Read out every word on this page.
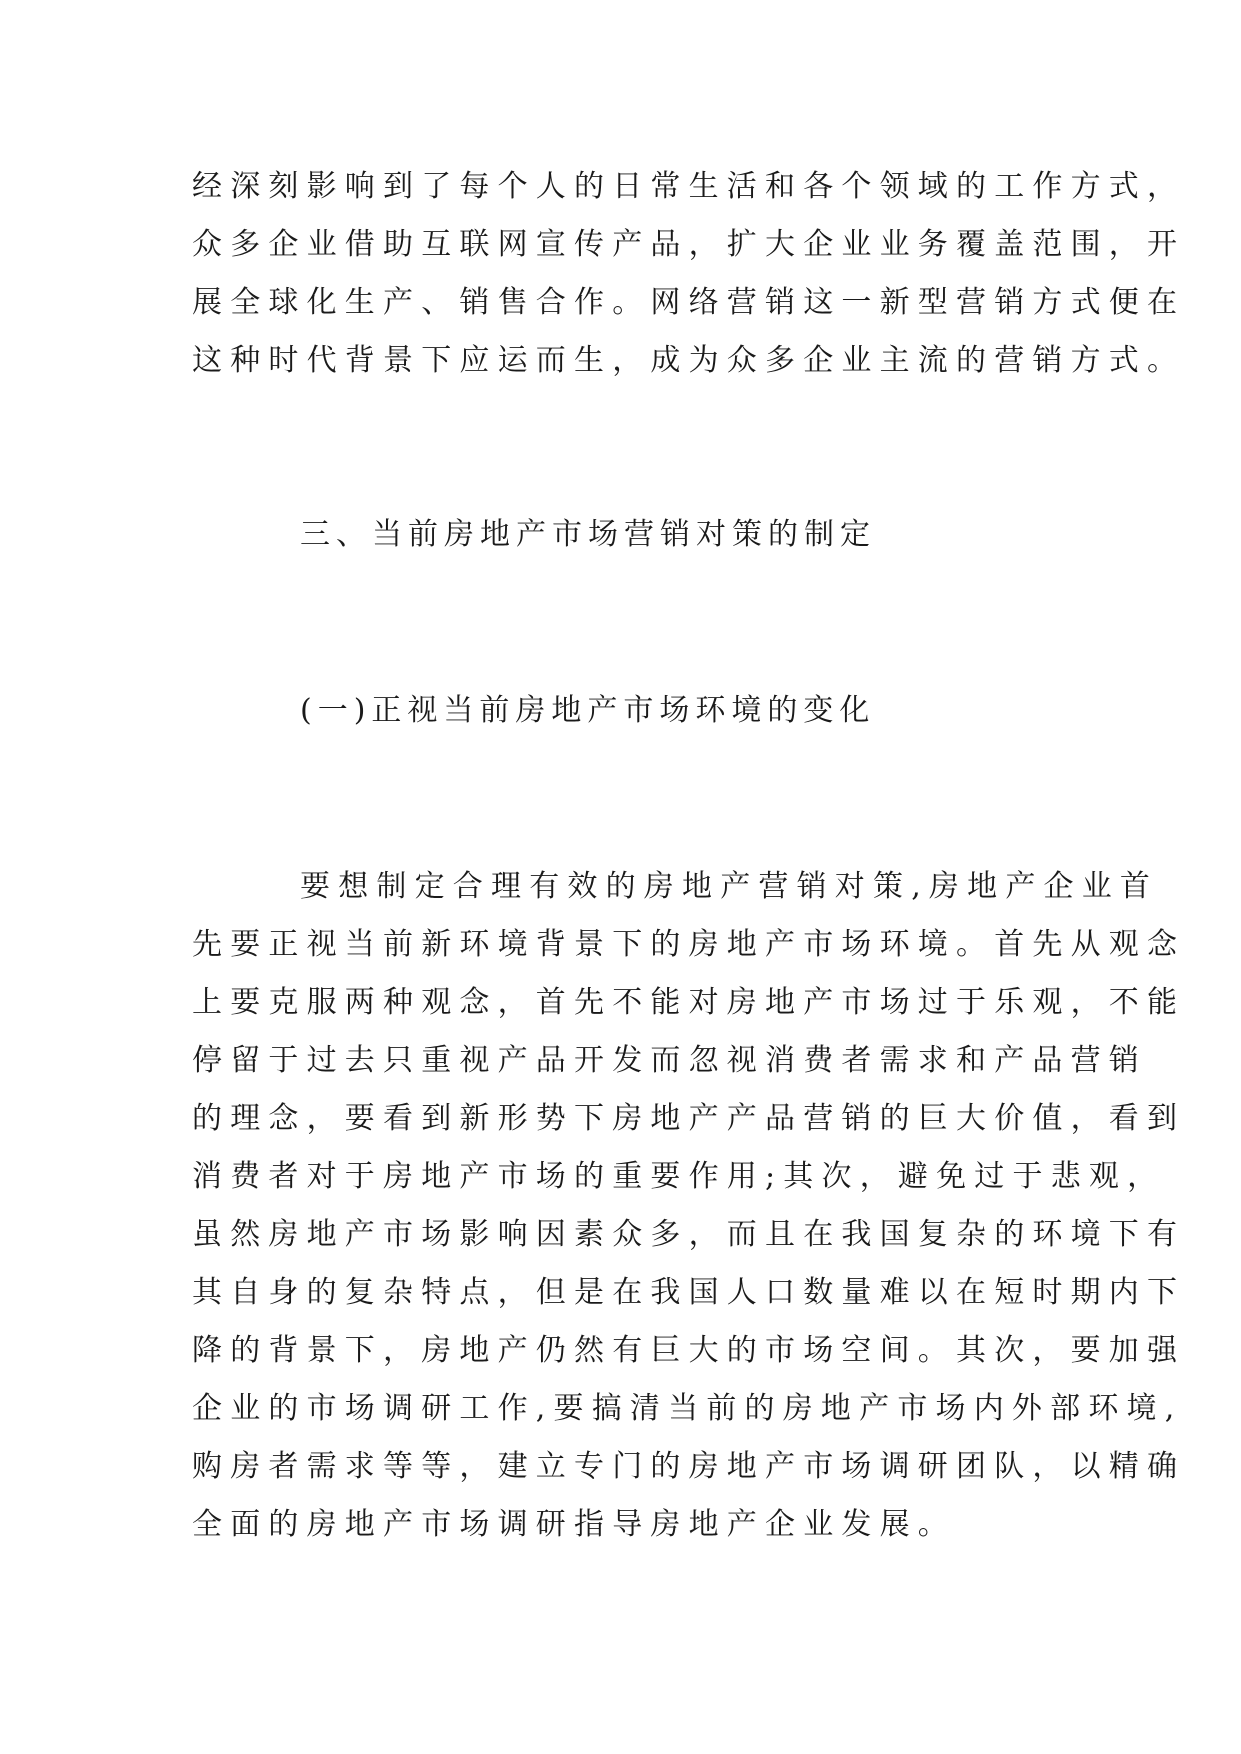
经深刻影响到了每个人的日常生活和各个领域的工作方式，
众多企业借助互联网宣传产品，扩大企业业务覆盖范围，开
展全球化生产、销售合作。网络营销这一新型营销方式便在
这种时代背景下应运而生，成为众多企业主流的营销方式。
三、当前房地产市场营销对策的制定
(一)正视当前房地产市场环境的变化
要想制定合理有效的房地产营销对策,房地产企业首
先要正视当前新环境背景下的房地产市场环境。首先从观念
上要克服两种观念，首先不能对房地产市场过于乐观，不能
停留于过去只重视产品开发而忽视消费者需求和产品营销
的理念，要看到新形势下房地产产品营销的巨大价值，看到
消费者对于房地产市场的重要作用;其次，避免过于悲观，
虽然房地产市场影响因素众多，而且在我国复杂的环境下有
其自身的复杂特点，但是在我国人口数量难以在短时期内下
降的背景下，房地产仍然有巨大的市场空间。其次，要加强
企业的市场调研工作,要搞清当前的房地产市场内外部环境,
购房者需求等等，建立专门的房地产市场调研团队，以精确
全面的房地产市场调研指导房地产企业发展。
